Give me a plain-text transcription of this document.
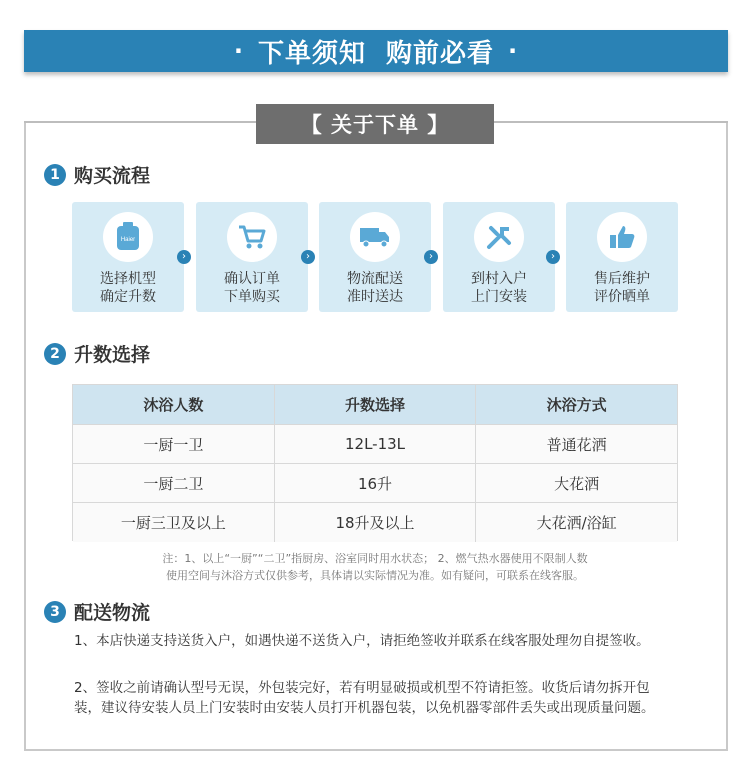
· 下单须知  购前必看 ·
【 关于下单 】
1 购买流程
Haier
选择机型
确定升数
›
确认订单
下单购买
›
物流配送
准时送达
›
到村入户
上门安装
›
售后维护
评价晒单
2 升数选择
沐浴人数	升数选择	沐浴方式
一厨一卫	12L-13L	普通花洒
一厨二卫	16升	大花洒
一厨三卫及以上	18升及以上	大花洒/浴缸
注：1、以上“一厨”“二卫”指厨房、浴室同时用水状态； 2、燃气热水器使用不限制人数
使用空间与沐浴方式仅供参考，具体请以实际情况为准。如有疑问，可联系在线客服。
3 配送物流
1、本店快递支持送货入户，如遇快递不送货入户，请拒绝签收并联系在线客服处理勿自提签收。
2、签收之前请确认型号无误，外包装完好，若有明显破损或机型不符请拒签。收货后请勿拆开包装，建议待安装人员上门安装时由安装人员打开机器包装，以免机器零部件丢失或出现质量问题。
